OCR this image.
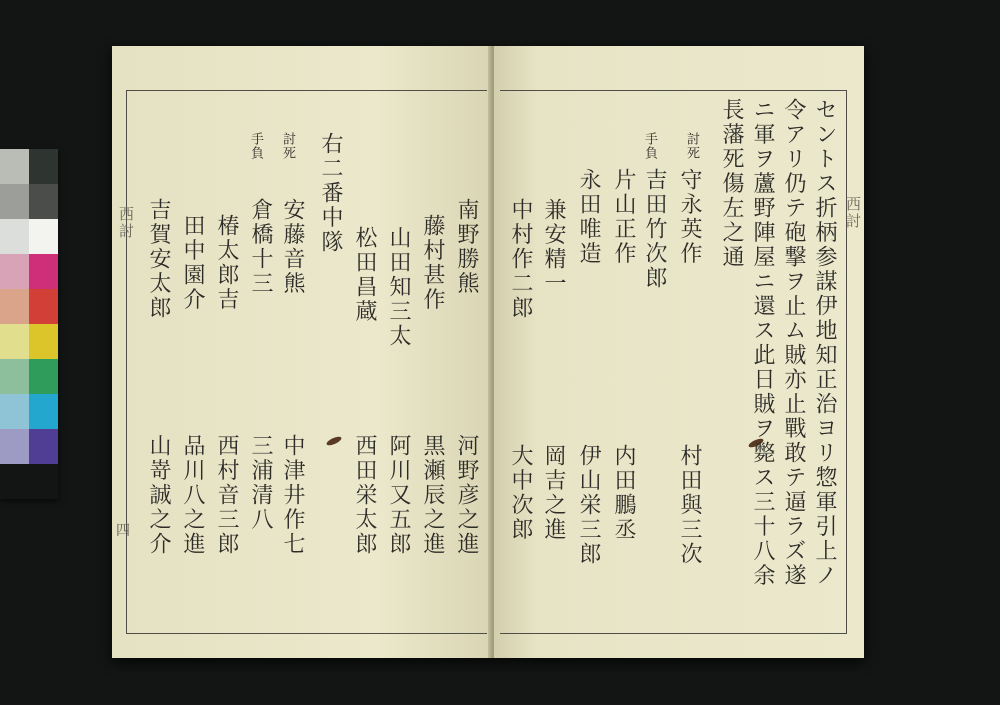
西討
四
南野勝熊
河野彦之進
藤村甚作
黒瀬辰之進
山田知三太
阿川又五郎
松田昌蔵
西田栄太郎
右二番中隊
討死
安藤音熊
中津井作七
手負
倉橋十三
三浦清八
椿太郎吉
西村音三郎
田中園介
品川八之進
吉賀安太郎
山嵜誠之介
西討
セントス折柄参謀伊地知正治ヨリ惣軍引上ノ
令アリ仍テ砲撃ヲ止ム賊亦止戰敢テ逼ラズ遂
ニ軍ヲ蘆野陣屋ニ還ス此日賊ヲ斃ス三十八余
長藩死傷左之通
討死
守永英作
村田與三次
手負
吉田竹次郎
片山正作
内田鵬丞
永田唯造
伊山栄三郎
兼安精一
岡吉之進
中村作二郎
大中次郎
